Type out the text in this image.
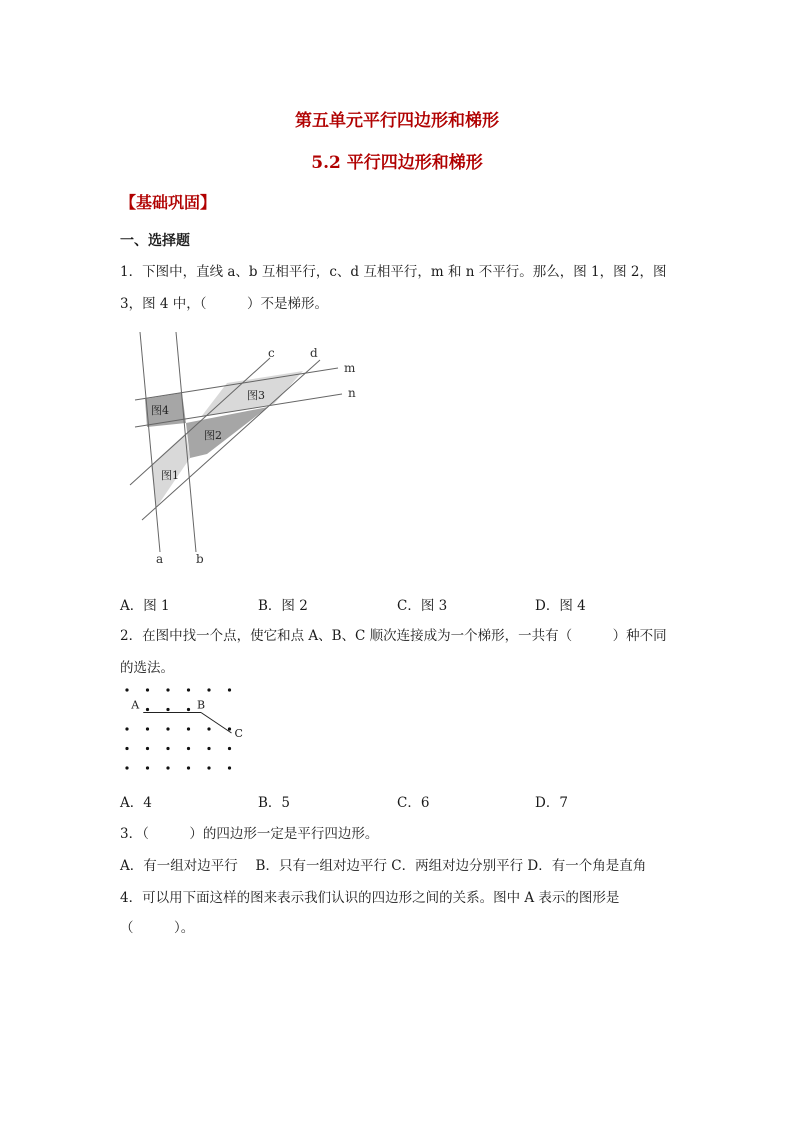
第五单元平行四边形和梯形
5.2 平行四边形和梯形
【基础巩固】
一、选择题
1．下图中，直线 a、b 互相平行，c、d 互相平行，m 和 n 不平行。那么，图 1，图 2，图
3，图 4 中，（　　　）不是梯形。
a	b
c	d
m
n
图4
图3
图2
图1
A．图 1	B．图 2	C．图 3	D．图 4
2．在图中找一个点，使它和点 A、B、C 顺次连接成为一个梯形，一共有（　　　）种不同
的选法。
A	B
C
A．4	B．5	C．6	D．7
3．（　　　）的四边形一定是平行四边形。
A．有一组对边平行　 B．只有一组对边平行 C．两组对边分别平行 D．有一个角是直角
4．可以用下面这样的图来表示我们认识的四边形之间的关系。图中 A 表示的图形是
（　　　）。
